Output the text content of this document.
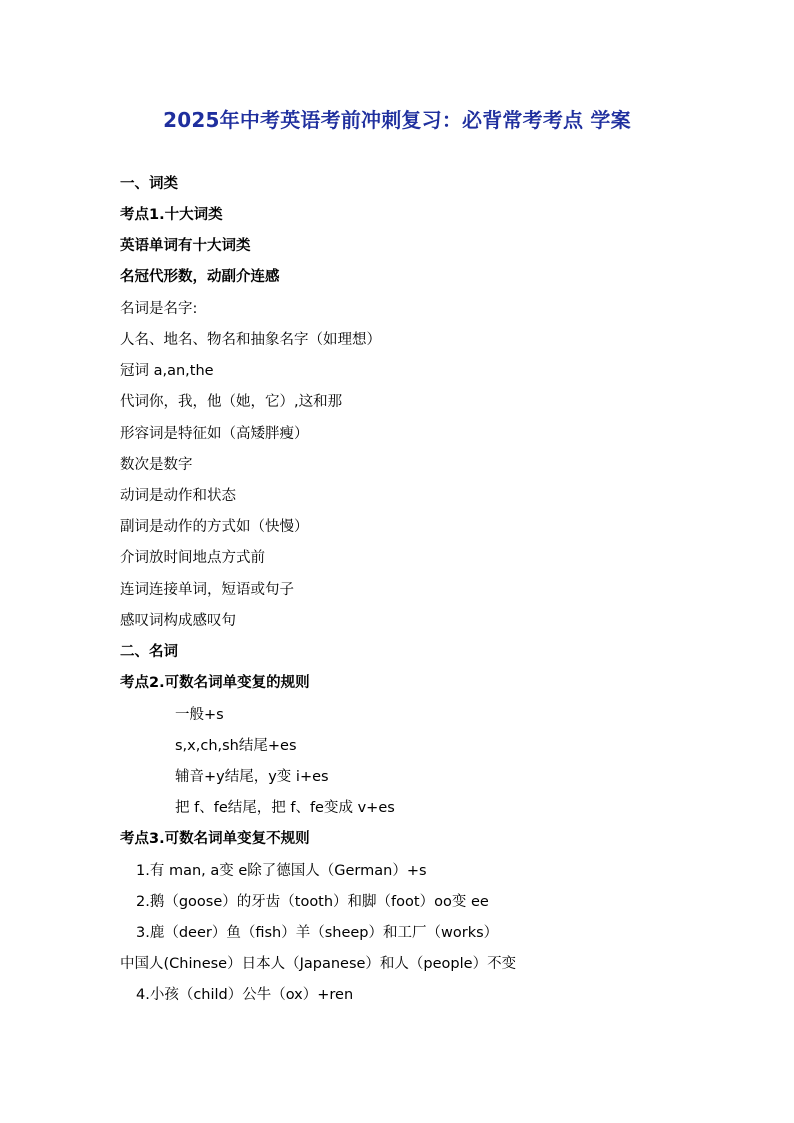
2025年中考英语考前冲刺复习：必背常考考点 学案
一、词类
考点1.十大词类
英语单词有十大词类
名冠代形数，动副介连感
名词是名字:
人名、地名、物名和抽象名字（如理想）
冠词 a,an,the
代词你，我，他（她，它）,这和那
形容词是特征如（高矮胖瘦）
数次是数字
动词是动作和状态
副词是动作的方式如（快慢）
介词放时间地点方式前
连词连接单词，短语或句子
感叹词构成感叹句
二、名词
考点2.可数名词单变复的规则
一般+s
s,x,ch,sh结尾+es
辅音+y结尾，y变 i+es
把 f、fe结尾，把 f、fe变成 v+es
考点3.可数名词单变复不规则
1.有 man, a变 e除了德国人（German）+s
2.鹅（goose）的牙齿（tooth）和脚（foot）oo变 ee
3.鹿（deer）鱼（fish）羊（sheep）和工厂（works）
中国人(Chinese）日本人（Japanese）和人（people）不变
4.小孩（child）公牛（ox）+ren
